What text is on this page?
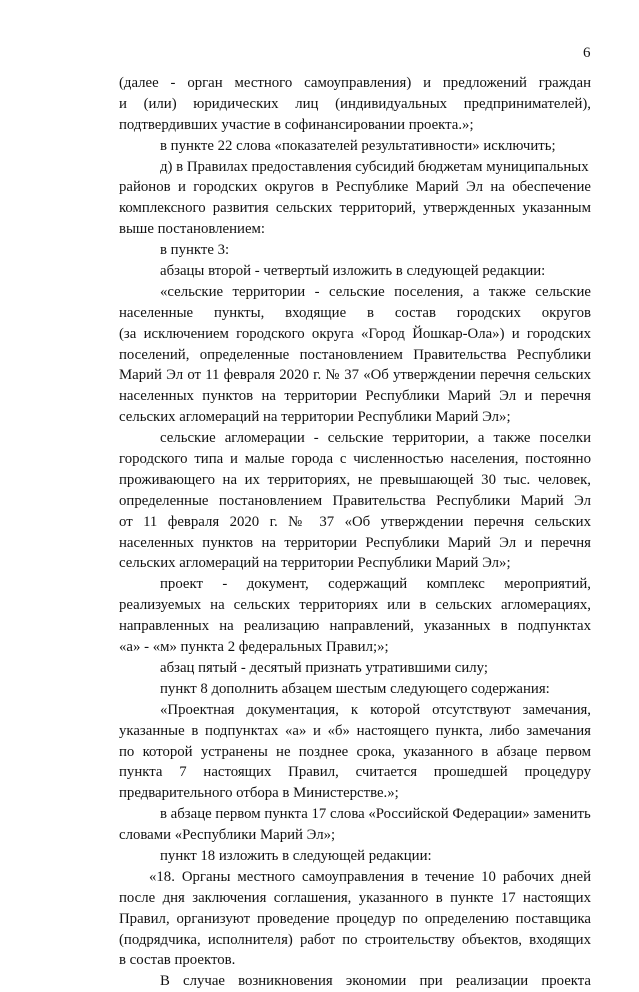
6
(далее - орган местного самоуправления) и предложений граждан
и (или) юридических лиц (индивидуальных предпринимателей),
подтвердивших участие в софинансировании проекта.»;
в пункте 22 слова «показателей результативности» исключить;
д) в Правилах предоставления субсидий бюджетам муниципальных
районов и городских округов в Республике Марий Эл на обеспечение
комплексного развития сельских территорий, утвержденных указанным
выше постановлением:
в пункте 3:
абзацы второй - четвертый изложить в следующей редакции:
«сельские территории - сельские поселения, а также сельские
населенные пункты, входящие в состав городских округов
(за исключением городского округа «Город Йошкар-Ола») и городских
поселений, определенные постановлением Правительства Республики
Марий Эл от 11 февраля 2020 г. № 37 «Об утверждении перечня сельских
населенных пунктов на территории Республики Марий Эл и перечня
сельских агломераций на территории Республики Марий Эл»;
сельские агломерации - сельские территории, а также поселки
городского типа и малые города с численностью населения, постоянно
проживающего на их территориях, не превышающей 30 тыс. человек,
определенные постановлением Правительства Республики Марий Эл
от 11 февраля 2020 г. № 37 «Об утверждении перечня сельских
населенных пунктов на территории Республики Марий Эл и перечня
сельских агломераций на территории Республики Марий Эл»;
проект - документ, содержащий комплекс мероприятий,
реализуемых на сельских территориях или в сельских агломерациях,
направленных на реализацию направлений, указанных в подпунктах
«а» - «м» пункта 2 федеральных Правил;»;
абзац пятый - десятый признать утратившими силу;
пункт 8 дополнить абзацем шестым следующего содержания:
«Проектная документация, к которой отсутствуют замечания,
указанные в подпунктах «а» и «б» настоящего пункта, либо замечания
по которой устранены не позднее срока, указанного в абзаце первом
пункта 7 настоящих Правил, считается прошедшей процедуру
предварительного отбора в Министерстве.»;
в абзаце первом пункта 17 слова «Российской Федерации» заменить
словами «Республики Марий Эл»;
пункт 18 изложить в следующей редакции:
«18. Органы местного самоуправления в течение 10 рабочих дней
после дня заключения соглашения, указанного в пункте 17 настоящих
Правил, организуют проведение процедур по определению поставщика
(подрядчика, исполнителя) работ по строительству объектов, входящих
в состав проектов.
В случае возникновения экономии при реализации проекта
